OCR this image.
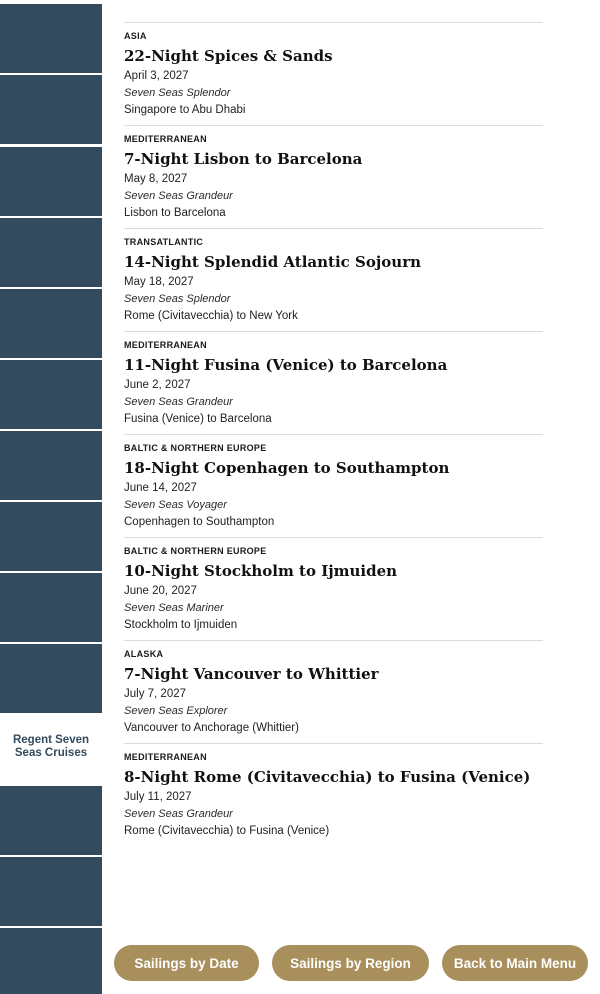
Regent Seven Seas Cruises
ASIA
22-Night Spices & Sands
April 3, 2027
Seven Seas Splendor
Singapore to Abu Dhabi
MEDITERRANEAN
7-Night Lisbon to Barcelona
May 8, 2027
Seven Seas Grandeur
Lisbon to Barcelona
TRANSATLANTIC
14-Night Splendid Atlantic Sojourn
May 18, 2027
Seven Seas Splendor
Rome (Civitavecchia) to New York
MEDITERRANEAN
11-Night Fusina (Venice) to Barcelona
June 2, 2027
Seven Seas Grandeur
Fusina (Venice) to Barcelona
BALTIC & NORTHERN EUROPE
18-Night Copenhagen to Southampton
June 14, 2027
Seven Seas Voyager
Copenhagen to Southampton
BALTIC & NORTHERN EUROPE
10-Night Stockholm to Ijmuiden
June 20, 2027
Seven Seas Mariner
Stockholm to Ijmuiden
ALASKA
7-Night Vancouver to Whittier
July 7, 2027
Seven Seas Explorer
Vancouver to Anchorage (Whittier)
MEDITERRANEAN
8-Night Rome (Civitavecchia) to Fusina (Venice)
July 11, 2027
Seven Seas Grandeur
Rome (Civitavecchia) to Fusina (Venice)
Sailings by Date	Sailings by Region	Back to Main Menu
